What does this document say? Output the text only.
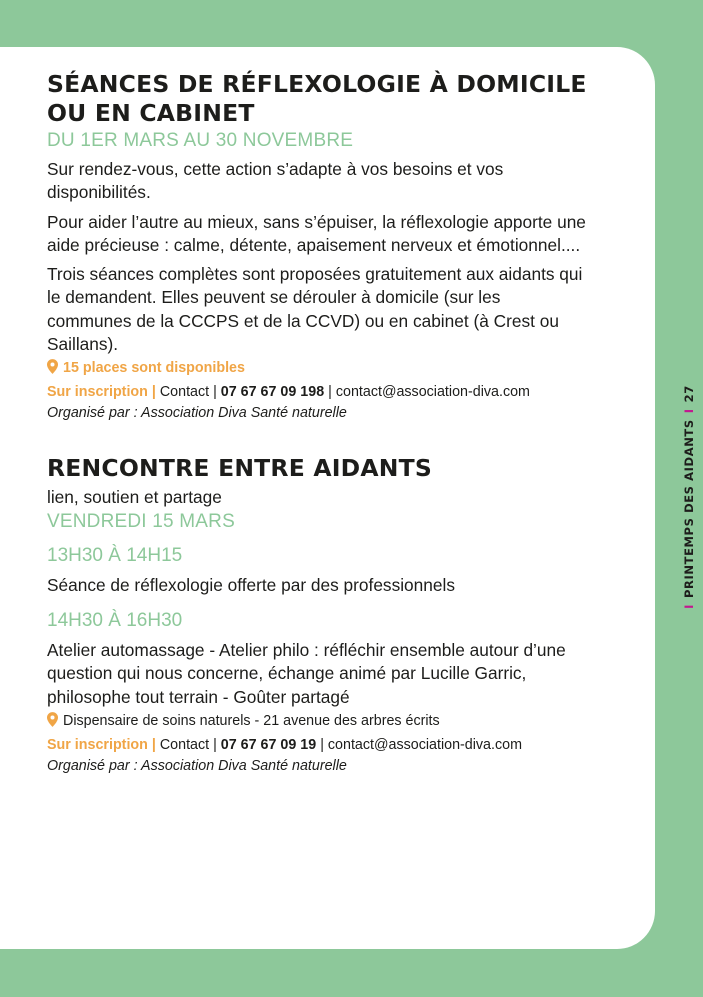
SÉANCES DE RÉFLEXOLOGIE À DOMICILE
OU EN CABINET
DU 1ER MARS AU 30 NOVEMBRE

Sur rendez-vous, cette action s’adapte à vos besoins et vos disponibilités.

Pour aider l’autre au mieux, sans s’épuiser, la réflexologie apporte une aide précieuse : calme, détente, apaisement nerveux et émotionnel....

Trois séances complètes sont proposées gratuitement aux aidants qui le demandent. Elles peuvent se dérouler à domicile (sur les communes de la CCCPS et de la CCVD) ou en cabinet (à Crest ou Saillans).

15 places sont disponibles
Sur inscription | Contact | 07 67 67 09 198 | contact@association-diva.com
Organisé par : Association Diva Santé naturelle
RENCONTRE ENTRE AIDANTS

lien, soutien et partage

VENDREDI 15 MARS
13H30 À 14H15

Séance de réflexologie offerte par des professionnels

14H30 À 16H30

Atelier automassage - Atelier philo : réfléchir ensemble autour d’une question qui nous concerne, échange animé par Lucille Garric, philosophe tout terrain - Goûter partagé

Dispensaire de soins naturels - 21 avenue des arbres écrits
Sur inscription | Contact | 07 67 67 09 19 | contact@association-diva.com
Organisé par : Association Diva Santé naturelle
IPRINTEMPS DES AIDANTSI27
